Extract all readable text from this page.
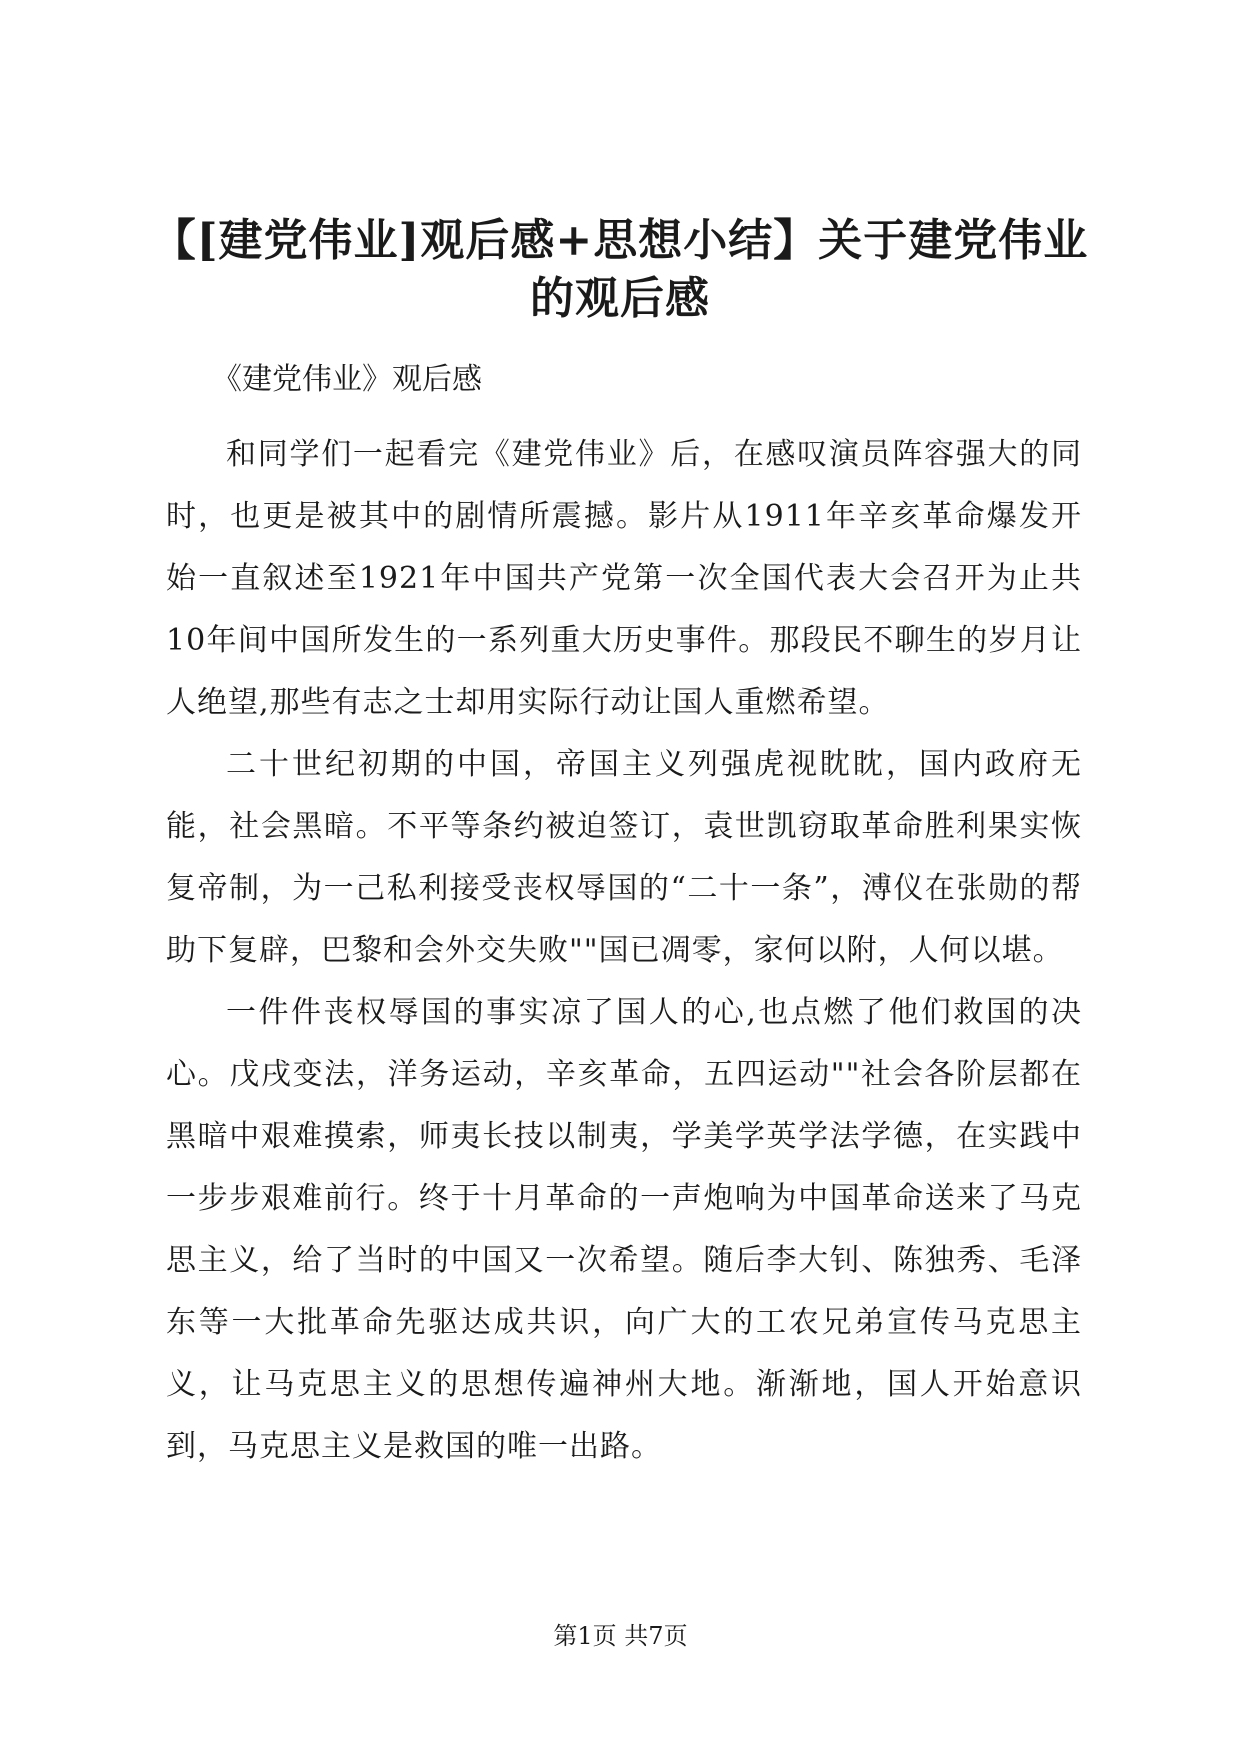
【[建党伟业]观后感+思想小结】关于建党伟业的观后感
《建党伟业》观后感

和同学们一起看完《建党伟业》后，在感叹演员阵容强大的同时，也更是被其中的剧情所震撼。影片从1911年辛亥革命爆发开始一直叙述至1921年中国共产党第一次全国代表大会召开为止共10年间中国所发生的一系列重大历史事件。那段民不聊生的岁月让人绝望,那些有志之士却用实际行动让国人重燃希望。

二十世纪初期的中国，帝国主义列强虎视眈眈，国内政府无能，社会黑暗。不平等条约被迫签订，袁世凯窃取革命胜利果实恢复帝制，为一己私利接受丧权辱国的“二十一条”，溥仪在张勋的帮助下复辟，巴黎和会外交失败""国已凋零，家何以附，人何以堪。

一件件丧权辱国的事实凉了国人的心,也点燃了他们救国的决心。戊戌变法，洋务运动，辛亥革命，五四运动""社会各阶层都在黑暗中艰难摸索，师夷长技以制夷，学美学英学法学德，在实践中一步步艰难前行。终于十月革命的一声炮响为中国革命送来了马克思主义，给了当时的中国又一次希望。随后李大钊、陈独秀、毛泽东等一大批革命先驱达成共识，向广大的工农兄弟宣传马克思主义，让马克思主义的思想传遍神州大地。渐渐地，国人开始意识到，马克思主义是救国的唯一出路。

第1页 共7页
